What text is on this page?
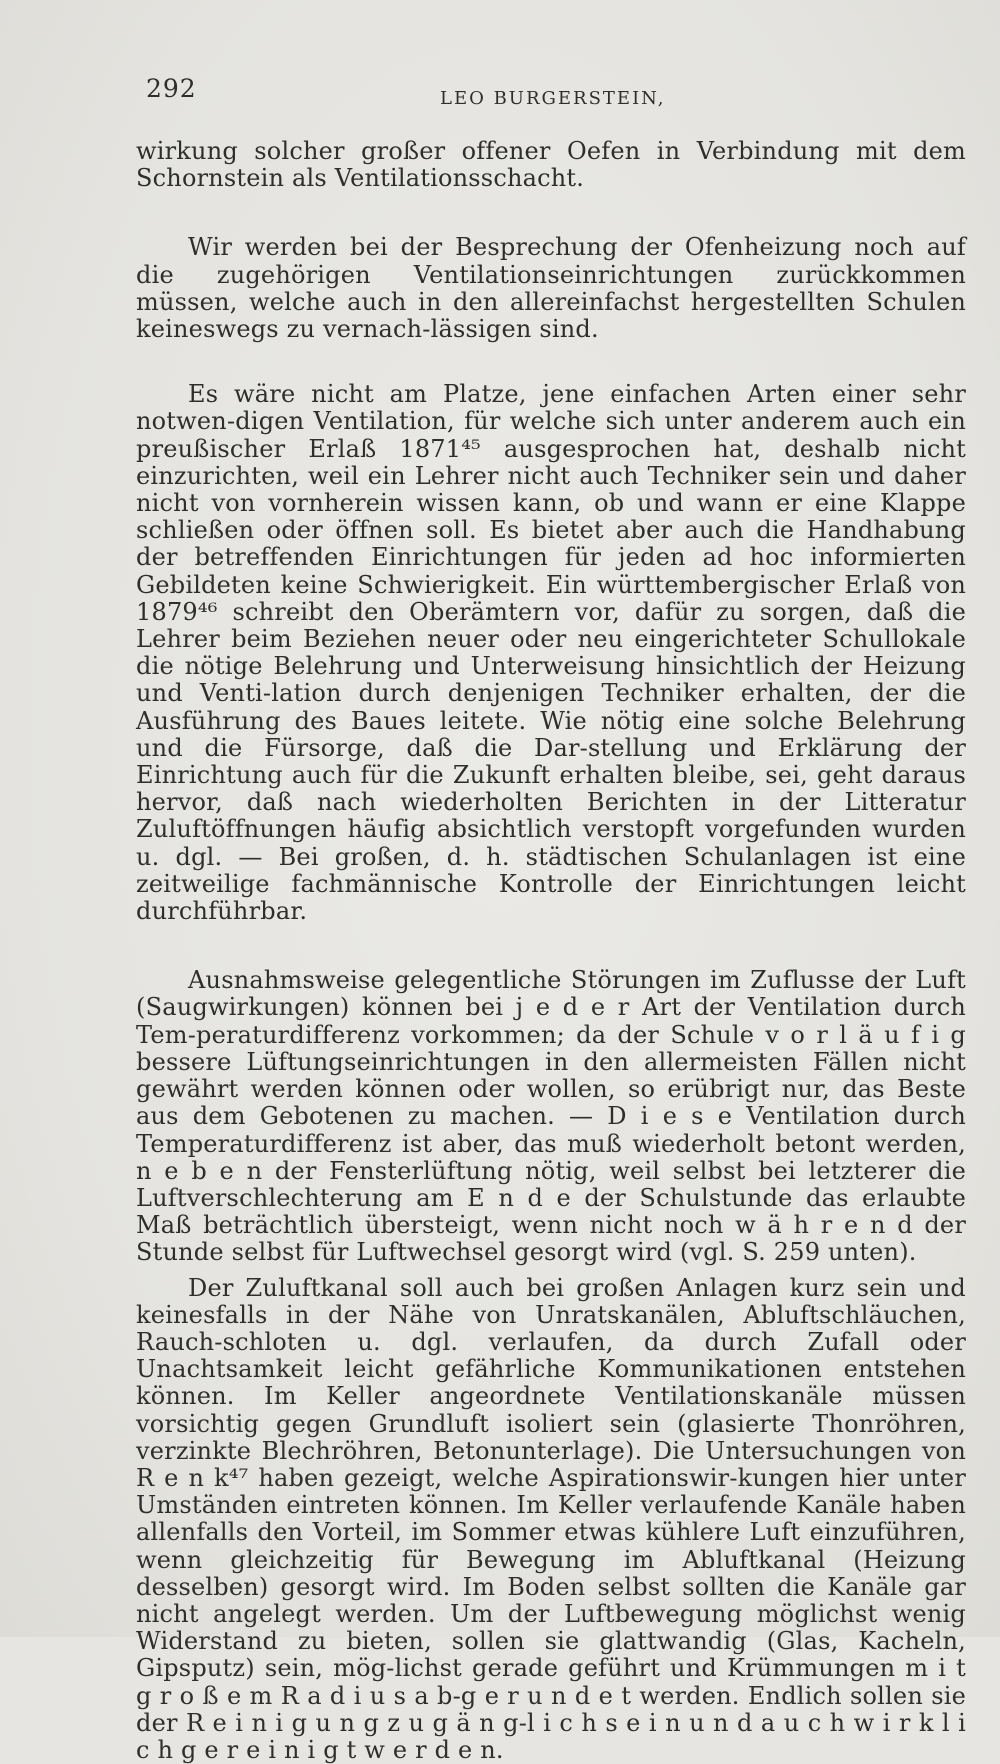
292	LEO BURGERSTEIN,

wirkung solcher großer offener Oefen in Verbindung mit dem Schornstein als Ventilationsschacht.

Wir werden bei der Besprechung der Ofenheizung noch auf die zugehörigen Ventilationseinrichtungen zurückkommen müssen, welche auch in den allereinfachst hergestellten Schulen keineswegs zu vernach-lässigen sind.

Es wäre nicht am Platze, jene einfachen Arten einer sehr notwen-digen Ventilation, für welche sich unter anderem auch ein preußischer Erlaß 1871⁴⁵ ausgesprochen hat, deshalb nicht einzurichten, weil ein Lehrer nicht auch Techniker sein und daher nicht von vornherein wissen kann, ob und wann er eine Klappe schließen oder öffnen soll. Es bietet aber auch die Handhabung der betreffenden Einrichtungen für jeden ad hoc informierten Gebildeten keine Schwierigkeit. Ein württembergischer Erlaß von 1879⁴⁶ schreibt den Oberämtern vor, dafür zu sorgen, daß die Lehrer beim Beziehen neuer oder neu eingerichteter Schullokale die nötige Belehrung und Unterweisung hinsichtlich der Heizung und Venti-lation durch denjenigen Techniker erhalten, der die Ausführung des Baues leitete. Wie nötig eine solche Belehrung und die Fürsorge, daß die Dar-stellung und Erklärung der Einrichtung auch für die Zukunft erhalten bleibe, sei, geht daraus hervor, daß nach wiederholten Berichten in der Litteratur Zuluftöffnungen häufig absichtlich verstopft vorgefunden wurden u. dgl. — Bei großen, d. h. städtischen Schulanlagen ist eine zeitweilige fachmännische Kontrolle der Einrichtungen leicht durchführbar.

Ausnahmsweise gelegentliche Störungen im Zuflusse der Luft (Saugwirkungen) können bei j e d e r Art der Ventilation durch Tem-peraturdifferenz vorkommen; da der Schule v o r l ä u f i g bessere Lüftungseinrichtungen in den allermeisten Fällen nicht gewährt werden können oder wollen, so erübrigt nur, das Beste aus dem Gebotenen zu machen. — D i e s e Ventilation durch Temperaturdifferenz ist aber, das muß wiederholt betont werden, n e b e n der Fensterlüftung nötig, weil selbst bei letzterer die Luftverschlechterung am E n d e der Schulstunde das erlaubte Maß beträchtlich übersteigt, wenn nicht noch w ä h r e n d der Stunde selbst für Luftwechsel gesorgt wird (vgl. S. 259 unten).

Der Zuluftkanal soll auch bei großen Anlagen kurz sein und keinesfalls in der Nähe von Unratskanälen, Abluftschläuchen, Rauch-schloten u. dgl. verlaufen, da durch Zufall oder Unachtsamkeit leicht gefährliche Kommunikationen entstehen können. Im Keller angeordnete Ventilationskanäle müssen vorsichtig gegen Grundluft isoliert sein (glasierte Thonröhren, verzinkte Blechröhren, Betonunterlage). Die Untersuchungen von R e n k⁴⁷ haben gezeigt, welche Aspirationswir-kungen hier unter Umständen eintreten können. Im Keller verlaufende Kanäle haben allenfalls den Vorteil, im Sommer etwas kühlere Luft einzuführen, wenn gleichzeitig für Bewegung im Abluftkanal (Heizung desselben) gesorgt wird. Im Boden selbst sollten die Kanäle gar nicht angelegt werden. Um der Luftbewegung möglichst wenig Widerstand zu bieten, sollen sie glattwandig (Glas, Kacheln, Gipsputz) sein, mög-lichst gerade geführt und Krümmungen m i t g r o ß e m R a d i u s a b-g e r u n d e t werden. Endlich sollen sie der R e i n i g u n g z u g ä n g-l i c h s e i n u n d a u c h w i r k l i c h g e r e i n i g t w e r d e n.
